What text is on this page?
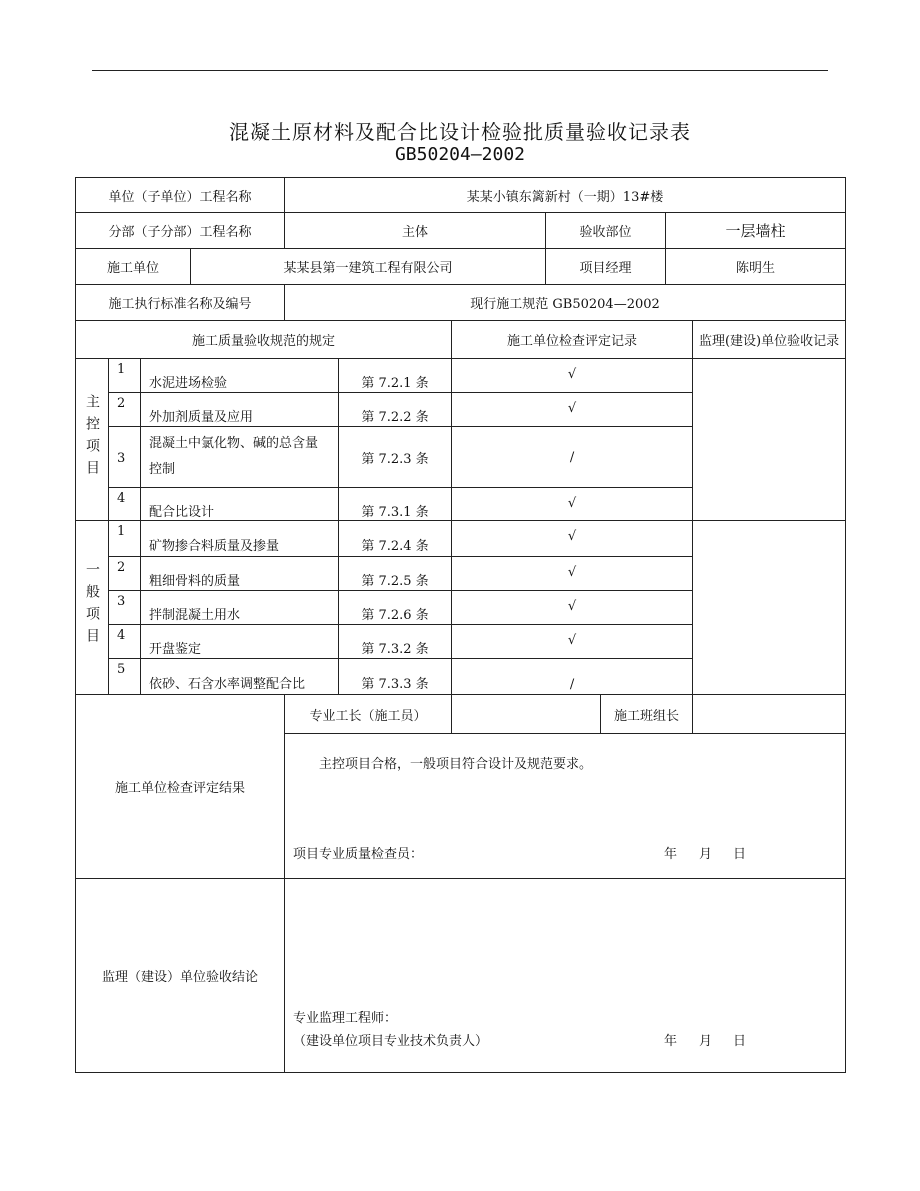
混凝土原材料及配合比设计检验批质量验收记录表
GB50204—2002
单位（子单位）工程名称				某某小镇东篱新村（一期）13#楼						
分部（子分部）工程名称				主体			验收部位		一层墙柱	
施工单位			某某县第一建筑工程有限公司				项目经理		陈明生	
施工执行标准名称及编号				现行施工规范 GB50204—2002						
施工质量验收规范的规定						施工单位检查评定记录				监理(建设)单位验收记录
主控项目	1	水泥进场检验			第 7.2.1 条	√				
	2	外加剂质量及应用			第 7.2.2 条	√				
	3	混凝土中氯化物、碱的总含量控制			第 7.2.3 条	/				
	4	配合比设计			第 7.3.1 条	√				
一般项目	1	矿物掺合料质量及掺量			第 7.2.4 条	√				
	2	粗细骨料的质量			第 7.2.5 条	√				
	3	拌制混凝土用水			第 7.2.6 条	√				
	4	开盘鉴定			第 7.3.2 条	√				
	5	依砂、石含水率调整配合比			第 7.3.3 条	/				
施工单位检查评定结果				专业工长（施工员）				施工班组长		

				主控项目合格，一般项目符合设计及规范要求。
项目专业质量检查员： 年 月 日						

监理（建设）单位验收结论				专业监理工程师：
（建设单位项目专业技术负责人） 年 月 日						
